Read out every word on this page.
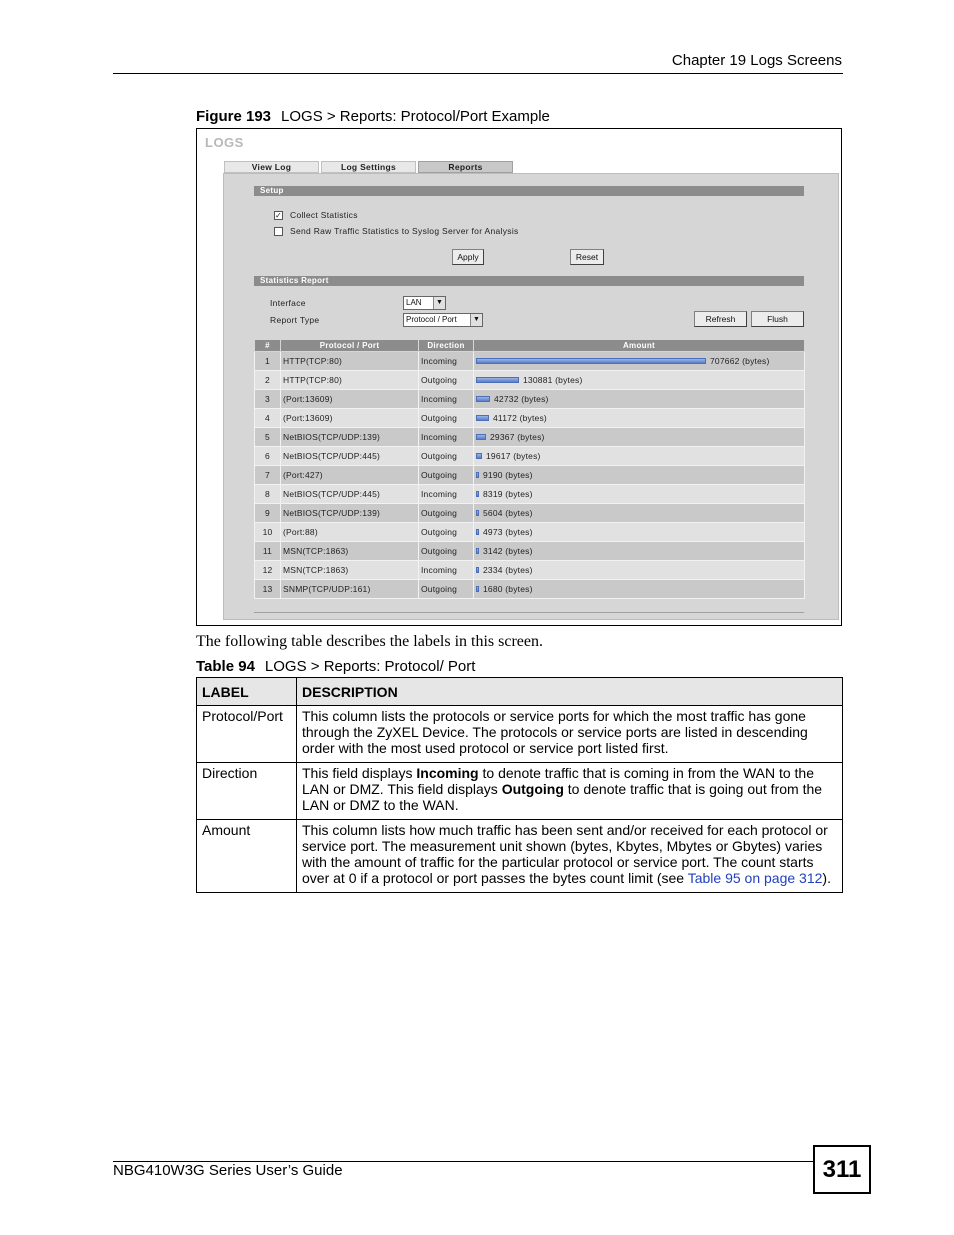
Chapter 19 Logs Screens
Figure 193 LOGS > Reports: Protocol/Port Example
LOGS
View Log	Log Settings	Reports
Setup
✓ Collect Statistics
Send Raw Traffic Statistics to Syslog Server for Analysis
Apply	Reset
Statistics Report
Interface	LAN	▼
Report Type	Protocol / Port	▼	Refresh	Flush
#	Protocol / Port	Direction	Amount
1	HTTP(TCP:80)	Incoming	707662 (bytes)

2	HTTP(TCP:80)	Outgoing	130881 (bytes)

3	(Port:13609)	Incoming	42732 (bytes)

4	(Port:13609)	Outgoing	41172 (bytes)

5	NetBIOS(TCP/UDP:139)	Incoming	29367 (bytes)

6	NetBIOS(TCP/UDP:445)	Outgoing	19617 (bytes)

7	(Port:427)	Outgoing	9190 (bytes)

8	NetBIOS(TCP/UDP:445)	Incoming	8319 (bytes)

9	NetBIOS(TCP/UDP:139)	Outgoing	5604 (bytes)

10	(Port:88)	Outgoing	4973 (bytes)

11	MSN(TCP:1863)	Outgoing	3142 (bytes)

12	MSN(TCP:1863)	Incoming	2334 (bytes)

13	SNMP(TCP/UDP:161)	Outgoing	1680 (bytes)
The following table describes the labels in this screen.
Table 94 LOGS > Reports: Protocol/ Port
LABEL	DESCRIPTION
Protocol/Port	This column lists the protocols or service ports for which the most traffic has gone through the ZyXEL Device. The protocols or service ports are listed in descending order with the most used protocol or service port listed first.
Direction	This field displays Incoming to denote traffic that is coming in from the WAN to the LAN or DMZ. This field displays Outgoing to denote traffic that is going out from the LAN or DMZ to the WAN.
Amount	This column lists how much traffic has been sent and/or received for each protocol or service port. The measurement unit shown (bytes, Kbytes, Mbytes or Gbytes) varies with the amount of traffic for the particular protocol or service port. The count starts over at 0 if a protocol or port passes the bytes count limit (see Table 95 on page 312).
NBG410W3G Series User’s Guide	311
